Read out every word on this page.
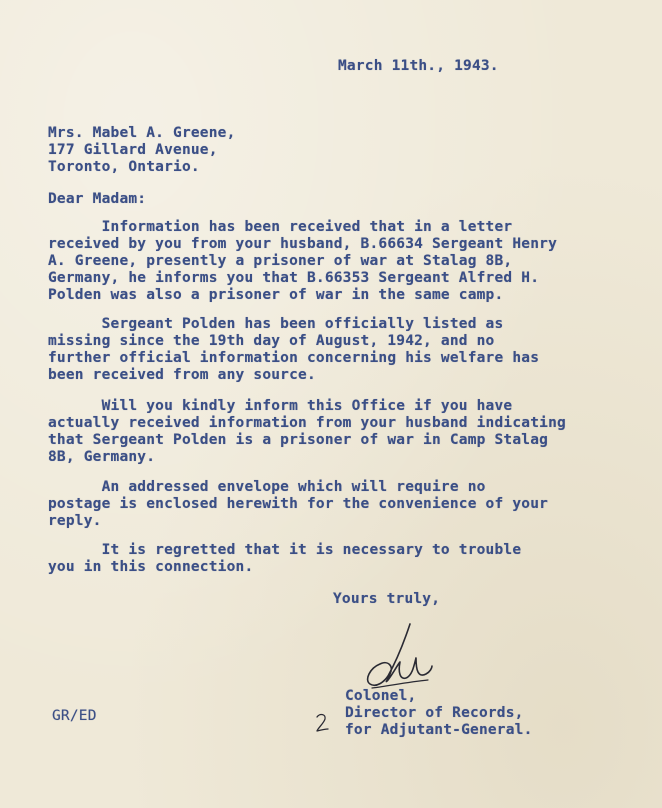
March 11th., 1943.
Mrs. Mabel A. Greene,
177 Gillard Avenue,
Toronto, Ontario.
Dear Madam:
Information has been received that in a letter
received by you from your husband, B.66634 Sergeant Henry
A. Greene, presently a prisoner of war at Stalag 8B,
Germany, he informs you that B.66353 Sergeant Alfred H.
Polden was also a prisoner of war in the same camp.
Sergeant Polden has been officially listed as
missing since the 19th day of August, 1942, and no
further official information concerning his welfare has
been received from any source.
Will you kindly inform this Office if you have
actually received information from your husband indicating
that Sergeant Polden is a prisoner of war in Camp Stalag
8B, Germany.
An addressed envelope which will require no
postage is enclosed herewith for the convenience of your
reply.
It is regretted that it is necessary to trouble
you in this connection.
Yours truly,
Colonel,
Director of Records,
for Adjutant-General.
GR/ED
